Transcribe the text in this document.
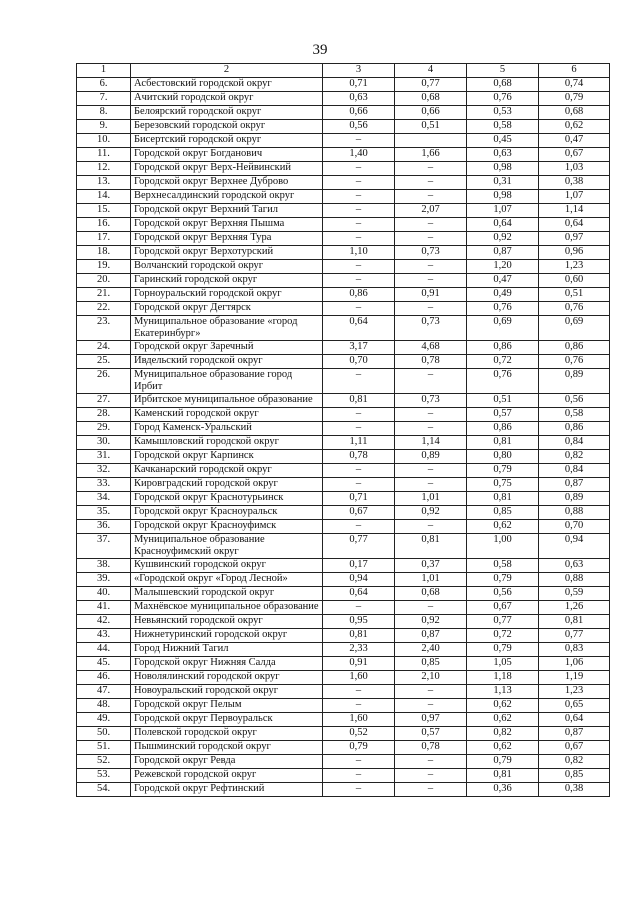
39
1	2	3	4	5	6
6.	Асбестовский городской округ	0,71	0,77	0,68	0,74
7.	Ачитский городской округ	0,63	0,68	0,76	0,79
8.	Белоярский городской округ	0,66	0,66	0,53	0,68
9.	Березовский городской округ	0,56	0,51	0,58	0,62
10.	Бисертский городской округ	–		0,45	0,47
11.	Городской округ Богданович	1,40	1,66	0,63	0,67
12.	Городской округ Верх-Нейвинский	–	–	0,98	1,03
13.	Городской округ Верхнее Дуброво	–	–	0,31	0,38
14.	Верхнесалдинский городской округ	–	–	0,98	1,07
15.	Городской округ Верхний Тагил	–	2,07	1,07	1,14
16.	Городской округ Верхняя Пышма	–	–	0,64	0,64
17.	Городской округ Верхняя Тура	–	–	0,92	0,97
18.	Городской округ Верхотурский	1,10	0,73	0,87	0,96
19.	Волчанский городской округ	–	–	1,20	1,23
20.	Гаринский городской округ	–	–	0,47	0,60
21.	Горноуральский городской округ	0,86	0,91	0,49	0,51
22.	Городской округ Дегтярск	–	–	0,76	0,76
23.	Муниципальное образование «город Екатеринбург»	0,64	0,73	0,69	0,69
24.	Городской округ Заречный	3,17	4,68	0,86	0,86
25.	Ивдельский городской округ	0,70	0,78	0,72	0,76
26.	Муниципальное образование город Ирбит	–	–	0,76	0,89
27.	Ирбитское муниципальное образование	0,81	0,73	0,51	0,56
28.	Каменский городской округ	–	–	0,57	0,58
29.	Город Каменск-Уральский	–	–	0,86	0,86
30.	Камышловский городской округ	1,11	1,14	0,81	0,84
31.	Городской округ Карпинск	0,78	0,89	0,80	0,82
32.	Качканарский городской округ	–	–	0,79	0,84
33.	Кировградский городской округ	–	–	0,75	0,87
34.	Городской округ Краснотурьинск	0,71	1,01	0,81	0,89
35.	Городской округ Красноуральск	0,67	0,92	0,85	0,88
36.	Городской округ Красноуфимск	–	–	0,62	0,70
37.	Муниципальное образование Красноуфимский округ	0,77	0,81	1,00	0,94
38.	Кушвинский городской округ	0,17	0,37	0,58	0,63
39.	«Городской округ «Город Лесной»	0,94	1,01	0,79	0,88
40.	Малышевский городской округ	0,64	0,68	0,56	0,59
41.	Махнёвское муниципальное образование	–	–	0,67	1,26
42.	Невьянский городской округ	0,95	0,92	0,77	0,81
43.	Нижнетуринский городской округ	0,81	0,87	0,72	0,77
44.	Город Нижний Тагил	2,33	2,40	0,79	0,83
45.	Городской округ Нижняя Салда	0,91	0,85	1,05	1,06
46.	Новолялинский городской округ	1,60	2,10	1,18	1,19
47.	Новоуральский городской округ	–	–	1,13	1,23
48.	Городской округ Пелым	–	–	0,62	0,65
49.	Городской округ Первоуральск	1,60	0,97	0,62	0,64
50.	Полевской городской округ	0,52	0,57	0,82	0,87
51.	Пышминский городской округ	0,79	0,78	0,62	0,67
52.	Городской округ Ревда	–	–	0,79	0,82
53.	Режевской городской округ	–	–	0,81	0,85
54.	Городской округ Рефтинский	–	–	0,36	0,38
